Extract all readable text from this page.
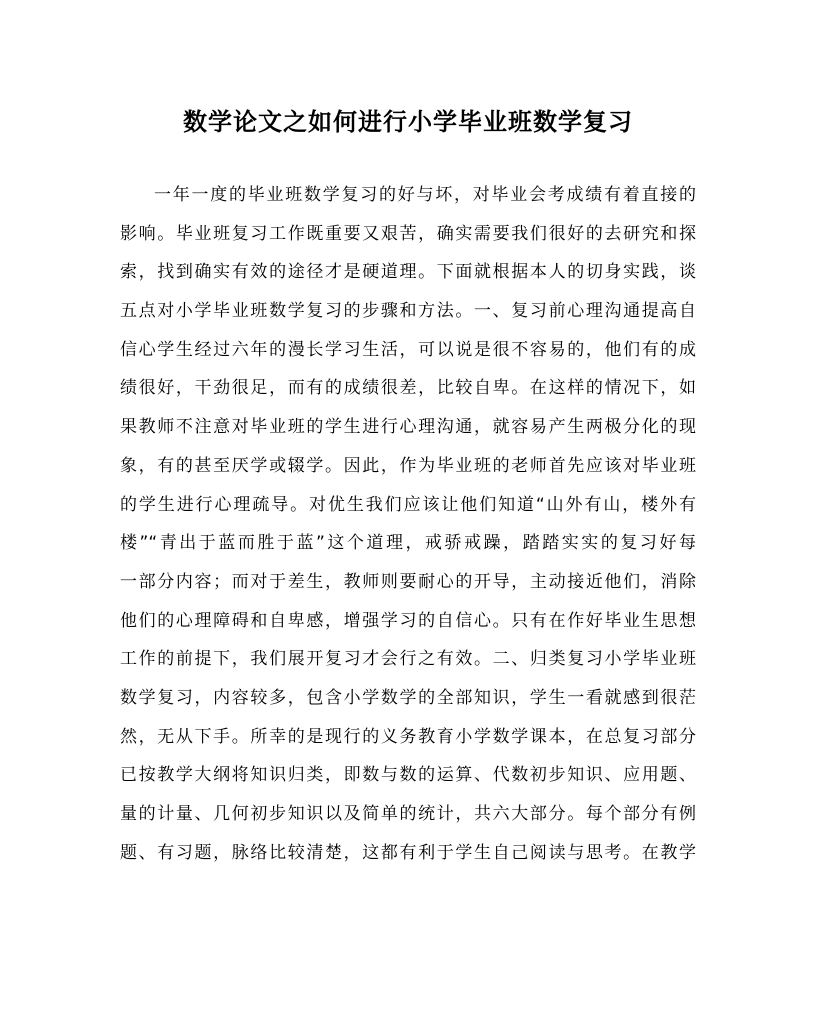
数学论文之如何进行小学毕业班数学复习
一年一度的毕业班数学复习的好与坏，对毕业会考成绩有着直接的
影响。毕业班复习工作既重要又艰苦，确实需要我们很好的去研究和探
索，找到确实有效的途径才是硬道理。下面就根据本人的切身实践，谈
五点对小学毕业班数学复习的步骤和方法。一、复习前心理沟通提高自
信心学生经过六年的漫长学习生活，可以说是很不容易的，他们有的成
绩很好，干劲很足，而有的成绩很差，比较自卑。在这样的情况下，如
果教师不注意对毕业班的学生进行心理沟通，就容易产生两极分化的现
象，有的甚至厌学或辍学。因此，作为毕业班的老师首先应该对毕业班
的学生进行心理疏导。对优生我们应该让他们知道“山外有山，楼外有
楼”“青出于蓝而胜于蓝”这个道理，戒骄戒躁，踏踏实实的复习好每
一部分内容；而对于差生，教师则要耐心的开导，主动接近他们，消除
他们的心理障碍和自卑感，增强学习的自信心。只有在作好毕业生思想
工作的前提下，我们展开复习才会行之有效。二、归类复习小学毕业班
数学复习，内容较多，包含小学数学的全部知识，学生一看就感到很茫
然，无从下手。所幸的是现行的义务教育小学数学课本，在总复习部分
已按教学大纲将知识归类，即数与数的运算、代数初步知识、应用题、
量的计量、几何初步知识以及简单的统计，共六大部分。每个部分有例
题、有习题，脉络比较清楚，这都有利于学生自己阅读与思考。在教学
